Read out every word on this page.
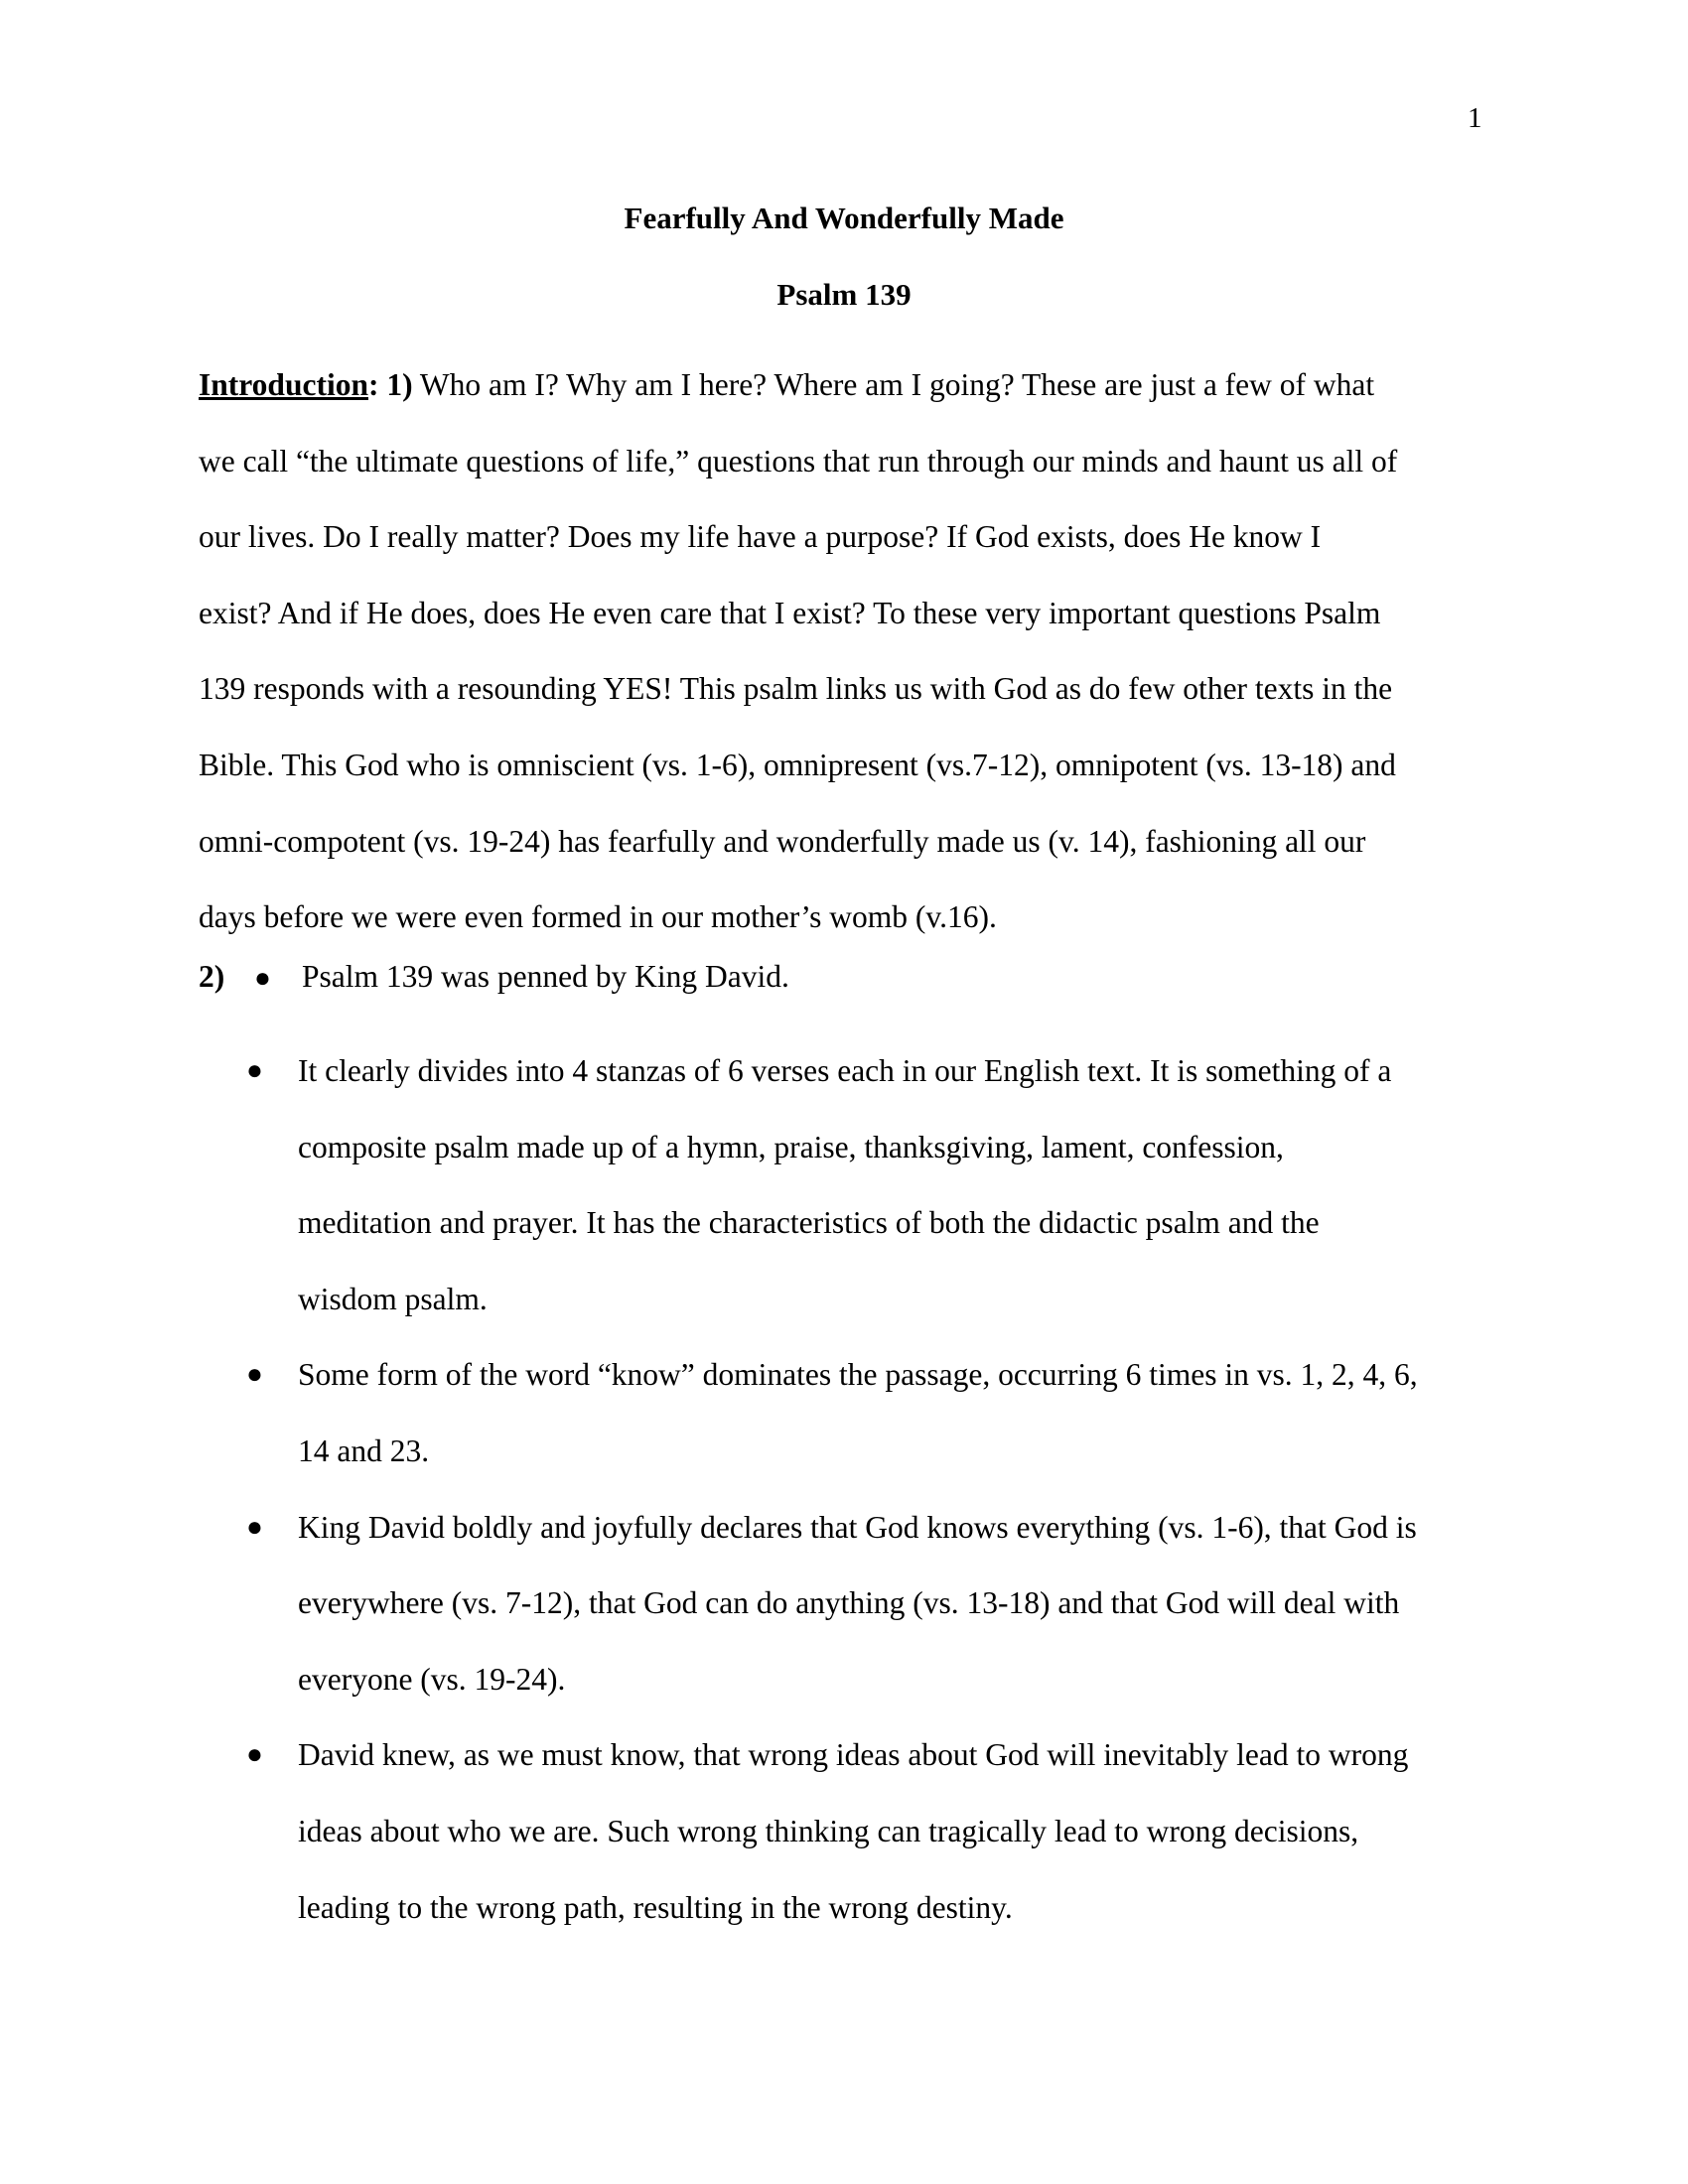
1
Fearfully And Wonderfully Made
Psalm 139
Introduction: 1) Who am I? Why am I here? Where am I going? These are just a few of what
we call “the ultimate questions of life,” questions that run through our minds and haunt us all of
our lives. Do I really matter? Does my life have a purpose? If God exists, does He know I
exist? And if He does, does He even care that I exist? To these very important questions Psalm
139 responds with a resounding YES! This psalm links us with God as do few other texts in the
Bible. This God who is omniscient (vs. 1-6), omnipresent (vs.7-12), omnipotent (vs. 13-18) and
omni-compotent (vs. 19-24) has fearfully and wonderfully made us (v. 14), fashioning all our
days before we were even formed in our mother’s womb (v.16).
2) ● Psalm 139 was penned by King David.
● It clearly divides into 4 stanzas of 6 verses each in our English text. It is something of a
composite psalm made up of a hymn, praise, thanksgiving, lament, confession,
meditation and prayer. It has the characteristics of both the didactic psalm and the
wisdom psalm.
● Some form of the word “know” dominates the passage, occurring 6 times in vs. 1, 2, 4, 6,
14 and 23.
● King David boldly and joyfully declares that God knows everything (vs. 1-6), that God is
everywhere (vs. 7-12), that God can do anything (vs. 13-18) and that God will deal with
everyone (vs. 19-24).
● David knew, as we must know, that wrong ideas about God will inevitably lead to wrong
ideas about who we are. Such wrong thinking can tragically lead to wrong decisions,
leading to the wrong path, resulting in the wrong destiny.
